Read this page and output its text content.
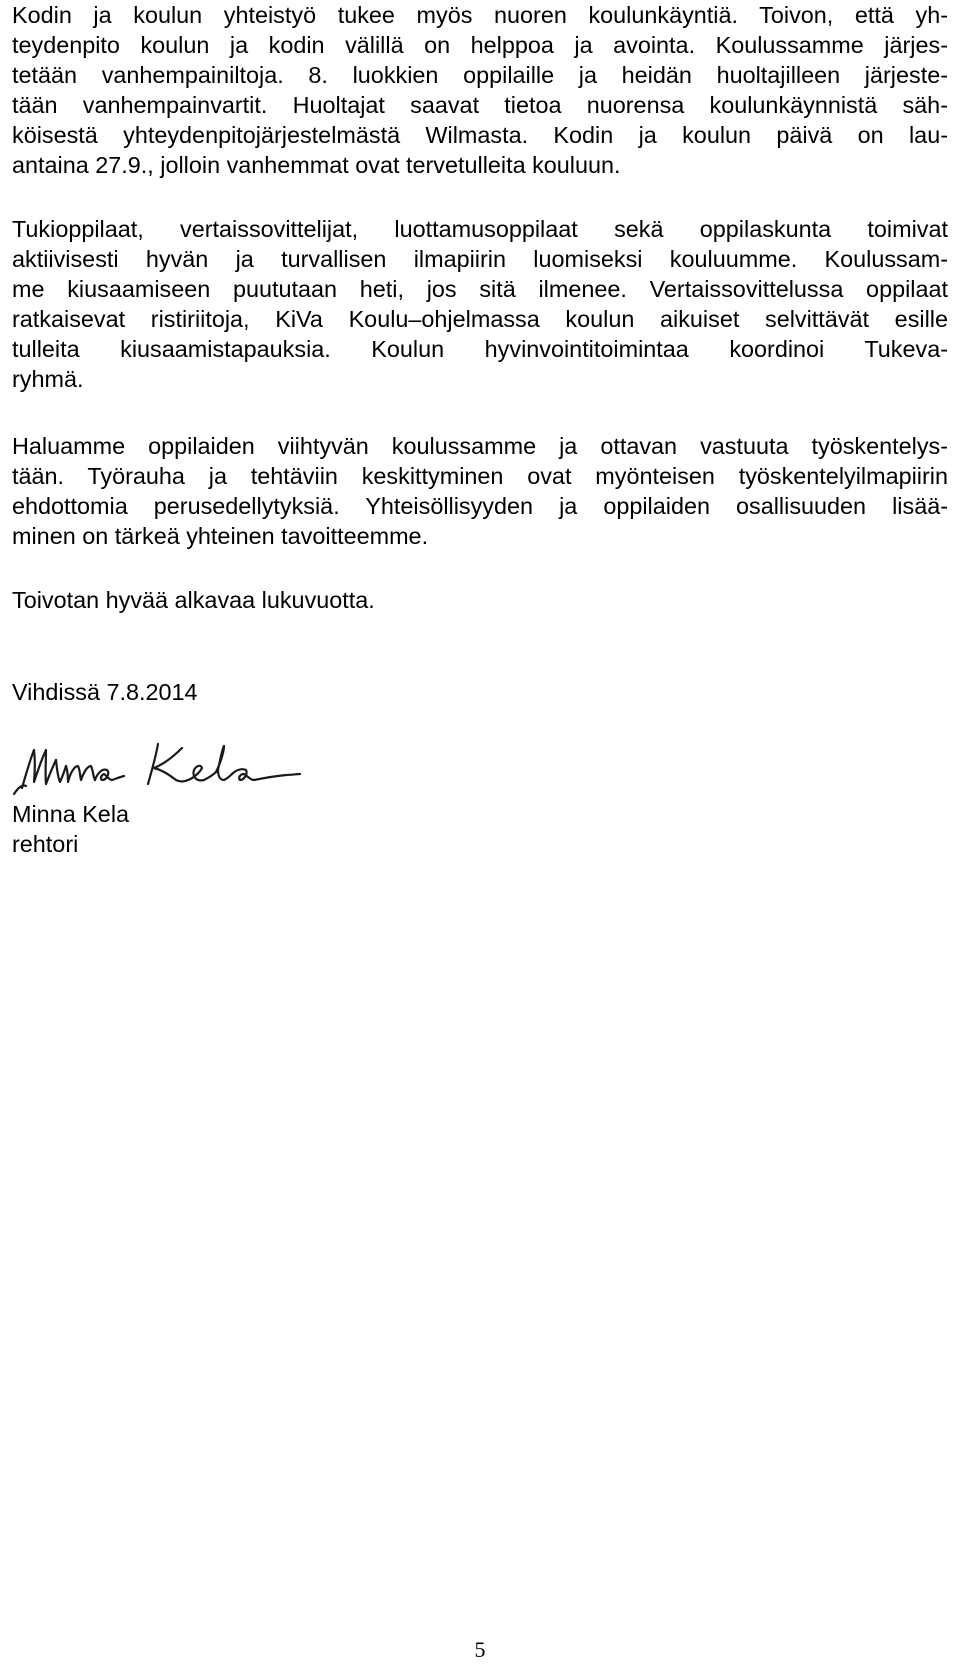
Kodin ja koulun yhteistyö tukee myös nuoren koulunkäyntiä. Toivon, että yh-
teydenpito koulun ja kodin välillä on helppoa ja avointa. Koulussamme järjes-
tetään vanhempainiltoja. 8. luokkien oppilaille ja heidän huoltajilleen järjeste-
tään vanhempainvartit. Huoltajat saavat tietoa nuorensa koulunkäynnistä säh-
köisestä yhteydenpitojärjestelmästä Wilmasta. Kodin ja koulun päivä on lau-
antaina 27.9., jolloin vanhemmat ovat tervetulleita kouluun.
Tukioppilaat, vertaissovittelijat, luottamusoppilaat sekä oppilaskunta toimivat
aktiivisesti hyvän ja turvallisen ilmapiirin luomiseksi kouluumme. Koulussam-
me kiusaamiseen puututaan heti, jos sitä ilmenee. Vertaissovittelussa oppilaat
ratkaisevat ristiriitoja, KiVa Koulu–ohjelmassa koulun aikuiset selvittävät esille
tulleita kiusaamistapauksia. Koulun hyvinvointitoimintaa koordinoi Tukeva-
ryhmä.
Haluamme oppilaiden viihtyvän koulussamme ja ottavan vastuuta työskentelys-
tään. Työrauha ja tehtäviin keskittyminen ovat myönteisen työskentelyilmapiirin
ehdottomia perusedellytyksiä. Yhteisöllisyyden ja oppilaiden osallisuuden lisää-
minen on tärkeä yhteinen tavoitteemme.
Toivotan hyvää alkavaa lukuvuotta.
Vihdissä 7.8.2014
Minna Kela
rehtori
5
